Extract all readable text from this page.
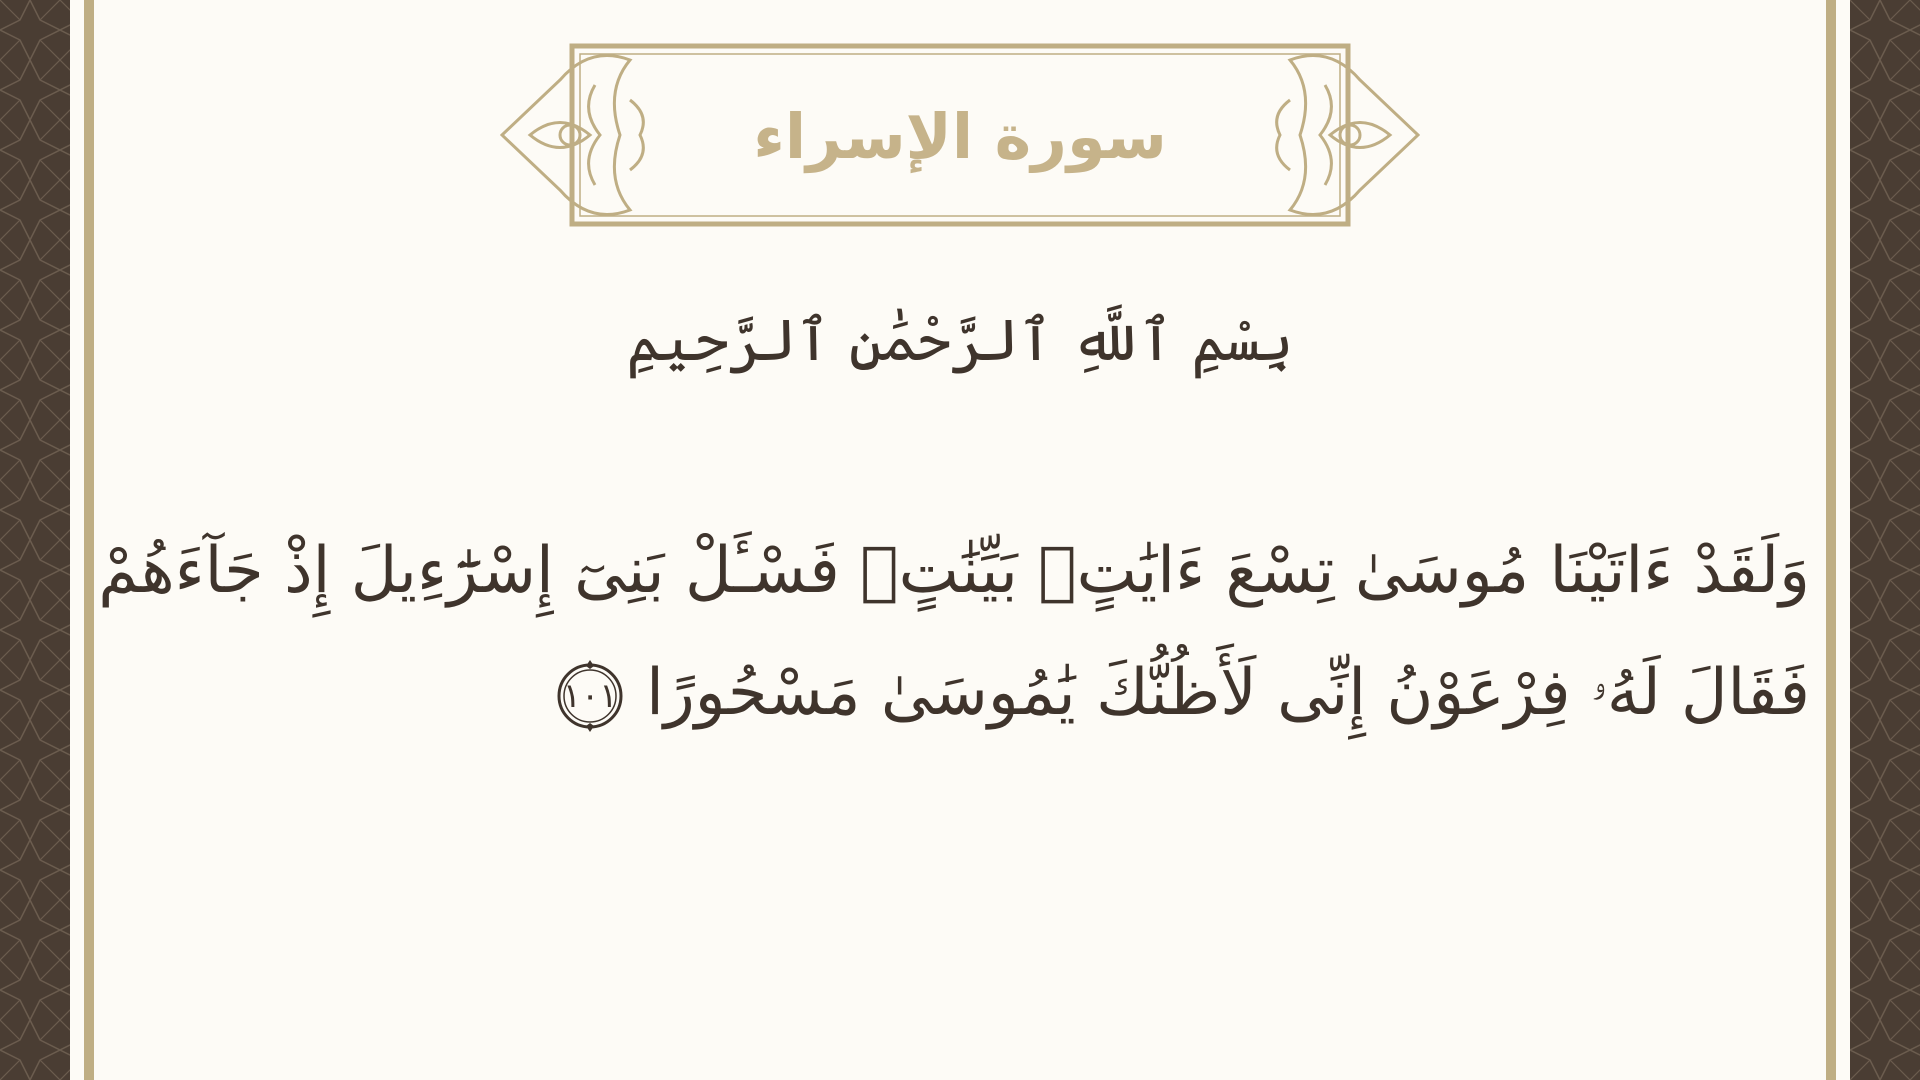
سورة الإسراء
بِسْمِ ٱللَّهِ ٱلرَّحْمَٰنِ ٱلرَّحِيمِ
وَلَقَدْ ءَاتَيْنَا مُوسَىٰ تِسْعَ ءَايَٰتٍۭ بَيِّنَٰتٍۖ فَسْـَٔلْ بَنِىٓ إِسْرَٰٓءِيلَ إِذْ جَآءَهُمْ
فَقَالَ لَهُۥ فِرْعَوْنُ إِنِّى لَأَظُنُّكَ يَٰمُوسَىٰ مَسْحُورًا
١٠١
